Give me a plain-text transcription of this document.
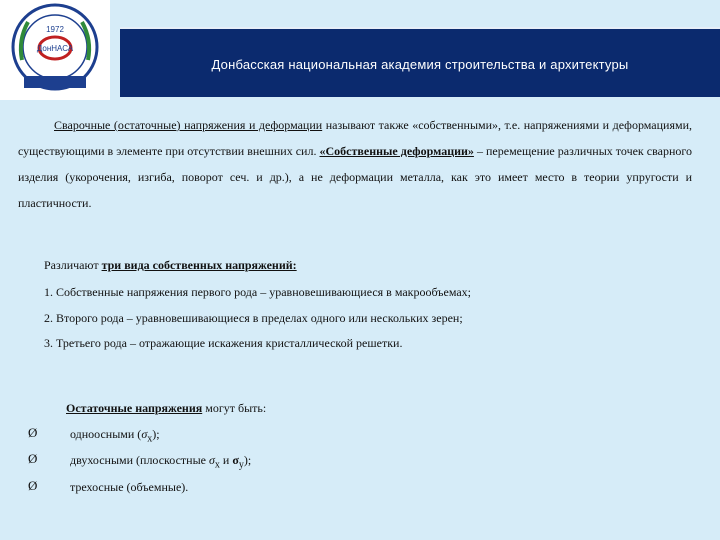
1972
ДонНАСА
Донбасская национальная академия строительства и архитектуры
Сварочные (остаточные) напряжения и деформации называют также «собственными», т.е. напряжениями и деформациями, существующими в элементе при отсутствии внешних сил. «Собственные деформации» – перемещение различных точек сварного изделия (укорочения, изгиба, поворот сеч. и др.), а не деформации металла, как это имеет место в теории упругости и пластичности.
Различают три вида собственных напряжений:
1. Собственные напряжения первого рода – уравновешивающиеся в макрообъемах;
2. Второго рода – уравновешивающиеся в пределах одного или нескольких зерен;
3. Третьего рода – отражающие искажения кристаллической решетки.
Остаточные напряжения могут быть:
Ø	одноосными $(\sigma_x)$;
Ø	двухосными (плоскостные $\sigma_x$ и $\sigma_y$);
Ø	трехосные (объемные).
